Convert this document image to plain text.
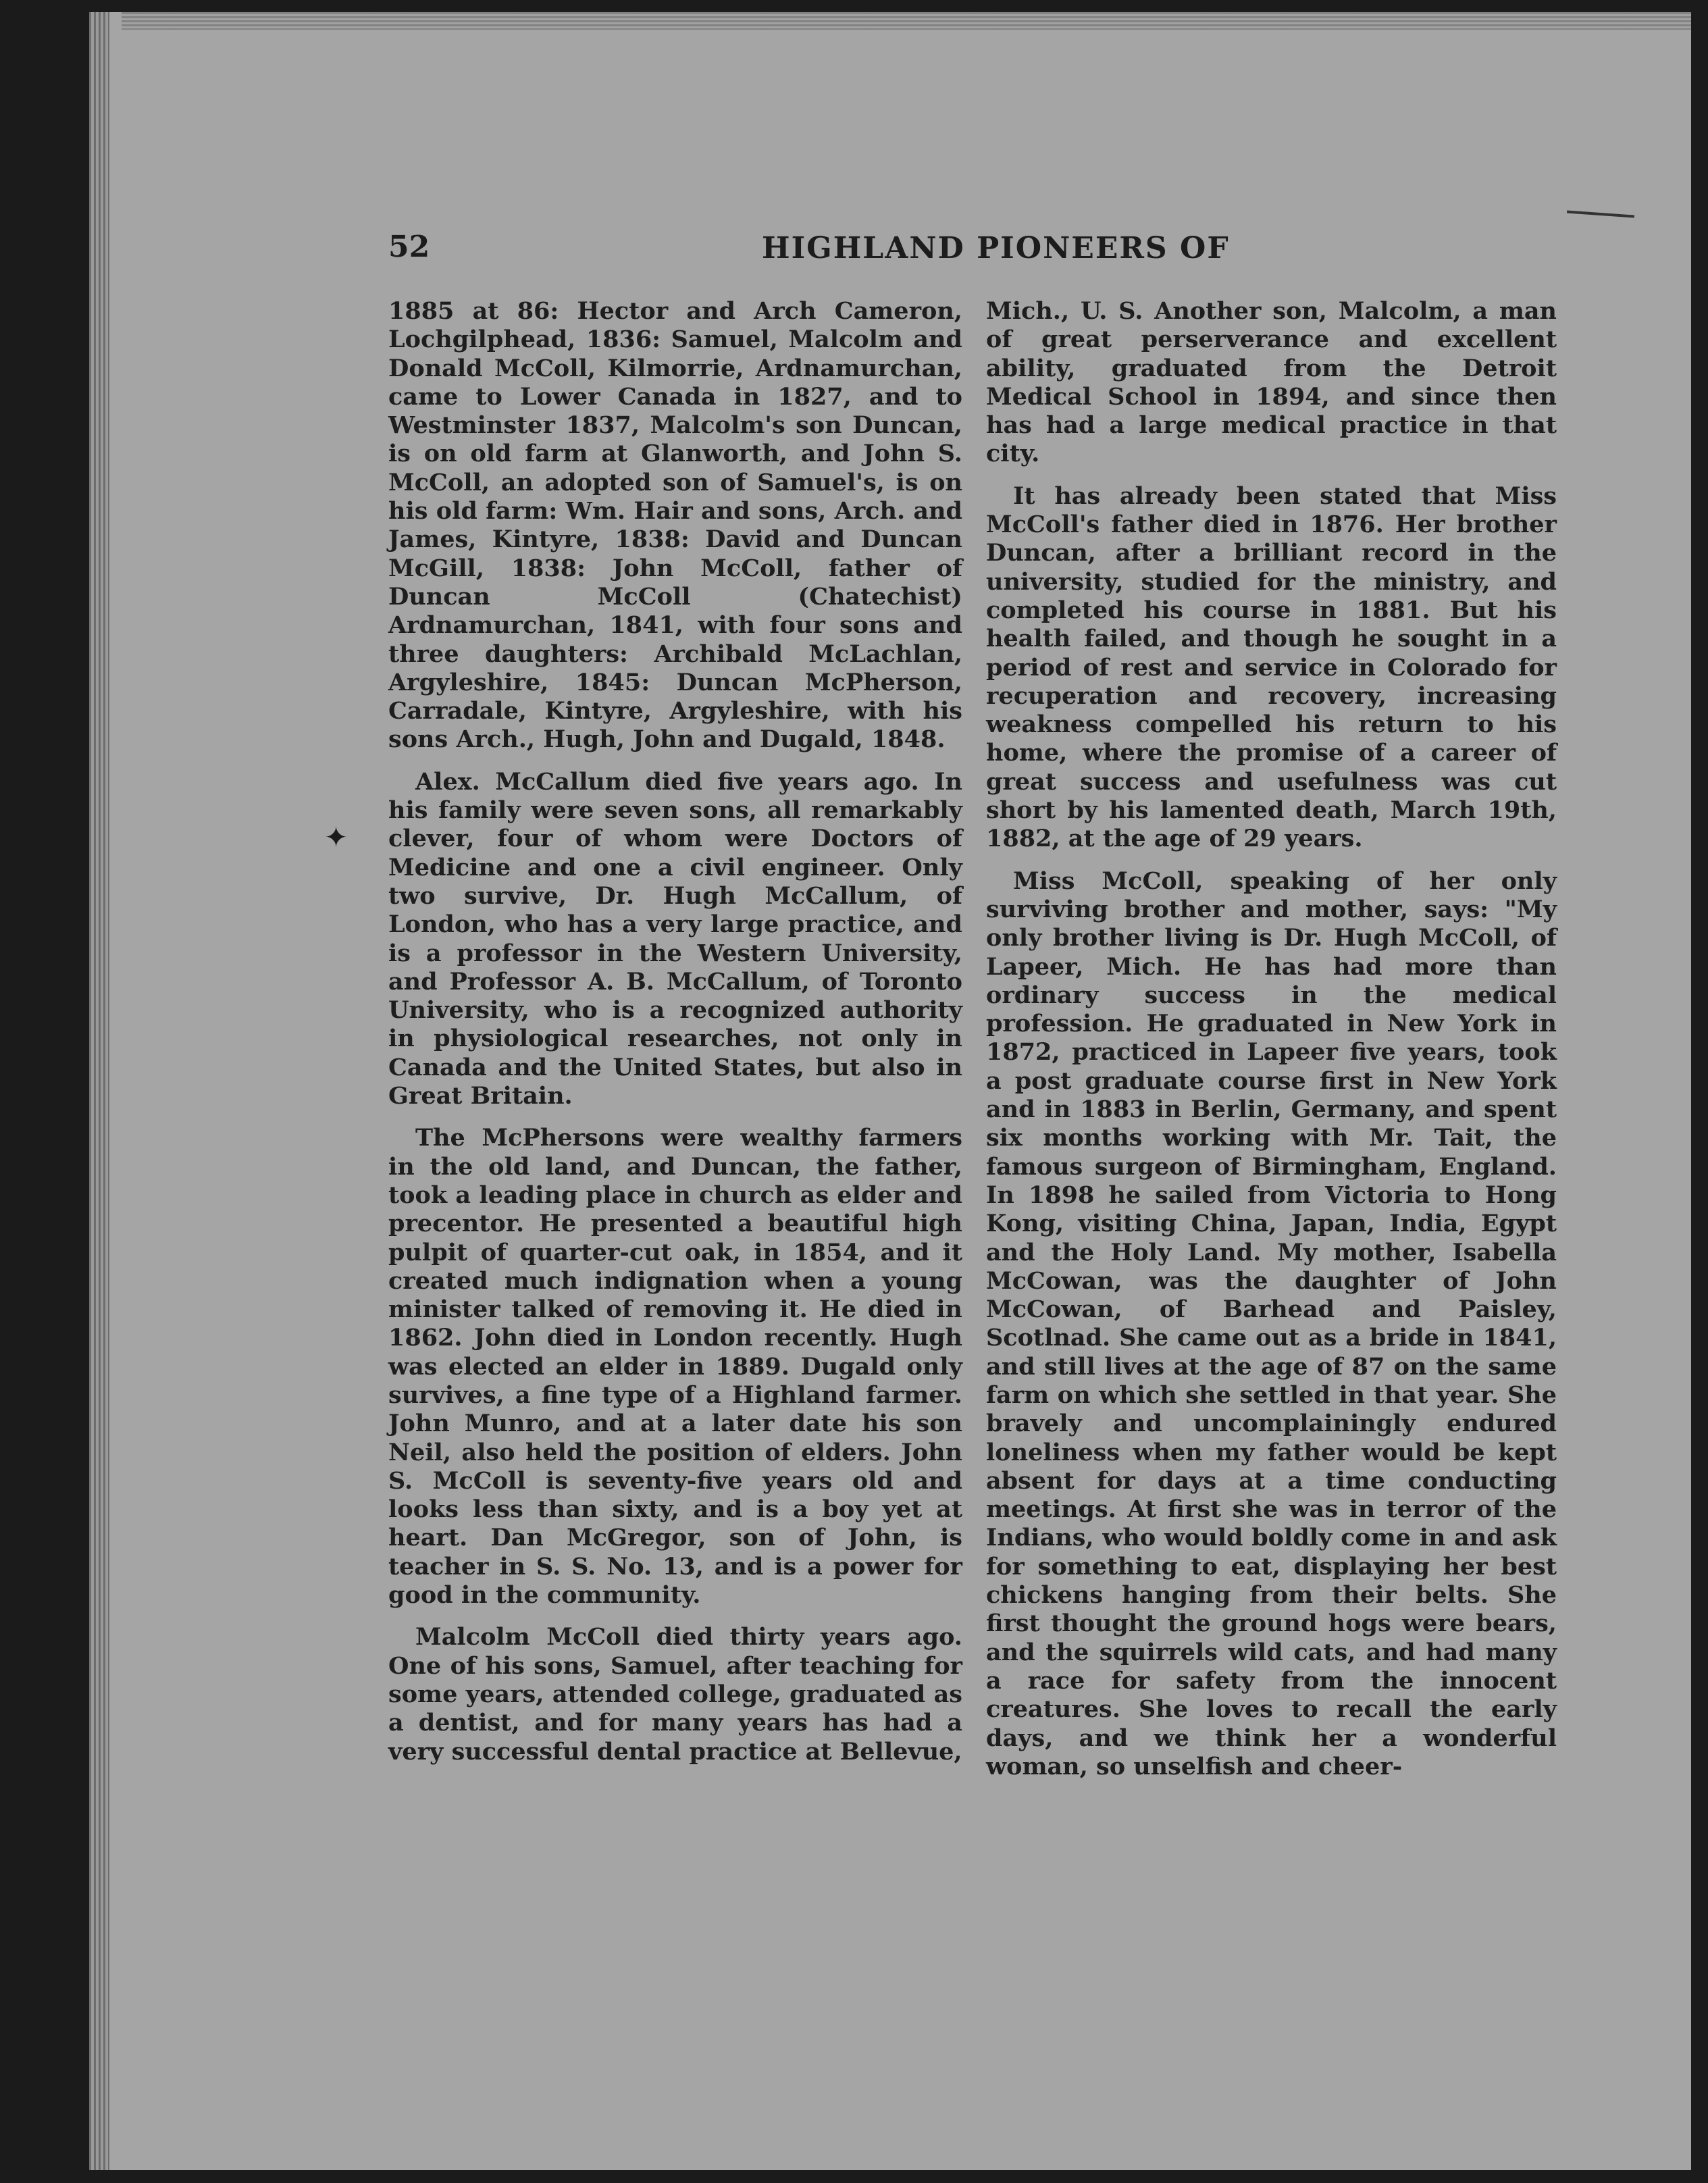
52	HIGHLAND PIONEERS OF
✦

1885 at 86: Hector and Arch Cameron, Lochgilphead, 1836: Samuel, Malcolm and Donald McColl, Kilmorrie, Ardnamurchan, came to Lower Canada in 1827, and to Westminster 1837, Malcolm's son Duncan, is on old farm at Glanworth, and John S. McColl, an adopted son of Samuel's, is on his old farm: Wm. Hair and sons, Arch. and James, Kintyre, 1838: David and Duncan McGill, 1838: John McColl, father of Duncan McColl (Chatechist) Ardnamurchan, 1841, with four sons and three daughters: Archibald McLachlan, Argyleshire, 1845: Duncan McPherson, Carradale, Kintyre, Argyleshire, with his sons Arch., Hugh, John and Dugald, 1848.

Alex. McCallum died five years ago. In his family were seven sons, all remarkably clever, four of whom were Doctors of Medicine and one a civil engineer. Only two survive, Dr. Hugh McCallum, of London, who has a very large practice, and is a professor in the Western University, and Professor A. B. McCallum, of Toronto University, who is a recognized authority in physiological researches, not only in Canada and the United States, but also in Great Britain.

The McPhersons were wealthy farmers in the old land, and Duncan, the father, took a leading place in church as elder and precentor. He presented a beautiful high pulpit of quarter-cut oak, in 1854, and it created much indignation when a young minister talked of removing it. He died in 1862. John died in London recently. Hugh was elected an elder in 1889. Dugald only survives, a fine type of a Highland farmer. John Munro, and at a later date his son Neil, also held the position of elders. John S. McColl is seventy-five years old and looks less than sixty, and is a boy yet at heart. Dan McGregor, son of John, is teacher in S. S. No. 13, and is a power for good in the community.

Malcolm McColl died thirty years ago. One of his sons, Samuel, after teaching for some years, attended college, graduated as a dentist, and for many years has had a very successful dental practice at Bellevue,

Mich., U. S. Another son, Malcolm, a man of great perserverance and excellent ability, graduated from the Detroit Medical School in 1894, and since then has had a large medical practice in that city.

It has already been stated that Miss McColl's father died in 1876. Her brother Duncan, after a brilliant record in the university, studied for the ministry, and completed his course in 1881. But his health failed, and though he sought in a period of rest and service in Colorado for recuperation and recovery, increasing weakness compelled his return to his home, where the promise of a career of great success and usefulness was cut short by his lamented death, March 19th, 1882, at the age of 29 years.

Miss McColl, speaking of her only surviving brother and mother, says: "My only brother living is Dr. Hugh McColl, of Lapeer, Mich. He has had more than ordinary success in the medical profession. He graduated in New York in 1872, practiced in Lapeer five years, took a post graduate course first in New York and in 1883 in Berlin, Germany, and spent six months working with Mr. Tait, the famous surgeon of Birmingham, England. In 1898 he sailed from Victoria to Hong Kong, visiting China, Japan, India, Egypt and the Holy Land. My mother, Isabella McCowan, was the daughter of John McCowan, of Barhead and Paisley, Scotlnad. She came out as a bride in 1841, and still lives at the age of 87 on the same farm on which she settled in that year. She bravely and uncomplainingly endured loneliness when my father would be kept absent for days at a time conducting meetings. At first she was in terror of the Indians, who would boldly come in and ask for something to eat, displaying her best chickens hanging from their belts. She first thought the ground hogs were bears, and the squirrels wild cats, and had many a race for safety from the innocent creatures. She loves to recall the early days, and we think her a wonderful woman, so unselfish and cheer-
